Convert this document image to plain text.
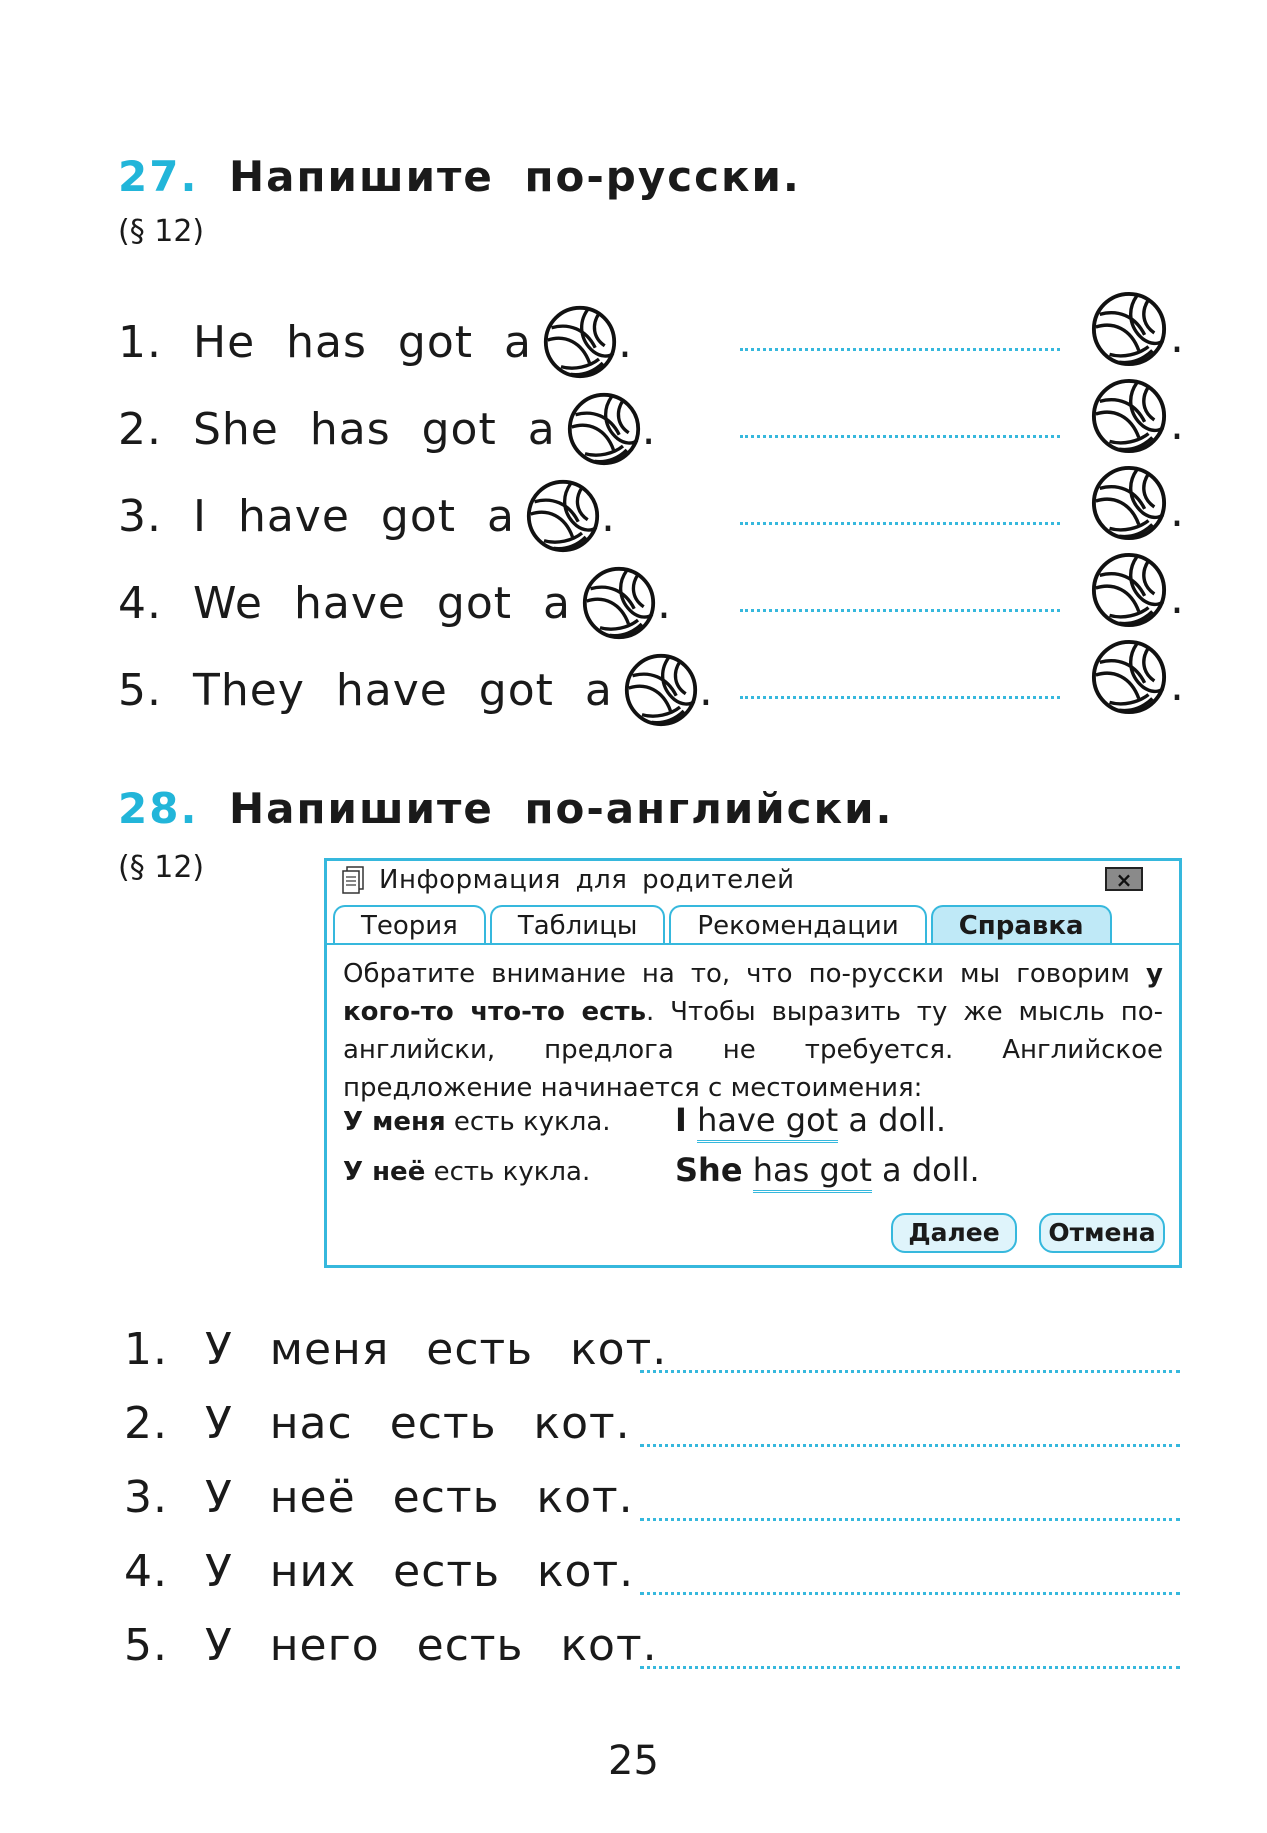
27. Напишите по-русски.
(§ 12)
1.
He has got a .	.
2.
She has got a .	.
3.
I have got a .	.
4.
We have got a .	.
5.
They have got a .	.
28. Напишите по-английски.
(§ 12)	Информация для родителей	×
Теория	Таблицы	Рекомендации	Справка
Обратите внимание на то, что по-русски мы говорим у кого-то что-то есть. Чтобы выразить ту же мысль по-английски, предлога не требуется. Английское предложение начинается с местоимения:
У меня есть кукла. I have got a doll.
У неё есть кукла.	She has got a doll.
Далее	Отмена
1. У меня есть кот.
2. У нас есть кот.
3. У неё есть кот.
4. У них есть кот.
5. У него есть кот.
25
